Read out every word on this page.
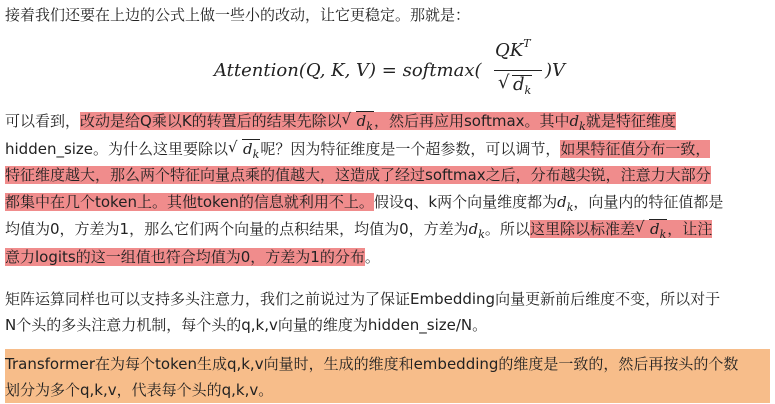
接着我们还要在上边的公式上做一些小的改动，让它更稳定。那就是：
Attention(Q, K, V) = softmax(
$QK^T$
√ $d_k$
)V
可以看到，改动是给Q乘以K的转置后的结果先除以 √ $d_k$，然后再应用softmax。其中$d_k$就是特征维度
hidden_size。为什么这里要除以 √ $d_k$呢？因为特征维度是一个超参数，可以调节，如果特征值分布一致，
特征维度越大，那么两个特征向量点乘的值越大，这造成了经过softmax之后，分布越尖锐，注意力大部分
都集中在几个token上。其他token的信息就利用不上。假设q、k两个向量维度都为$d_k$，向量内的特征值都是
均值为0，方差为1，那么它们两个向量的点积结果，均值为0，方差为$d_k$。所以这里除以标准差 √ $d_k$，让注
意力logits的这一组值也符合均值为0，方差为1的分布。
矩阵运算同样也可以支持多头注意力，我们之前说过为了保证Embedding向量更新前后维度不变，所以对于
N个头的多头注意力机制，每个头的q,k,v向量的维度为hidden_size/N。
Transformer在为每个token生成q,k,v向量时，生成的维度和embedding的维度是一致的，然后再按头的个数
划分为多个q,k,v，代表每个头的q,k,v。
